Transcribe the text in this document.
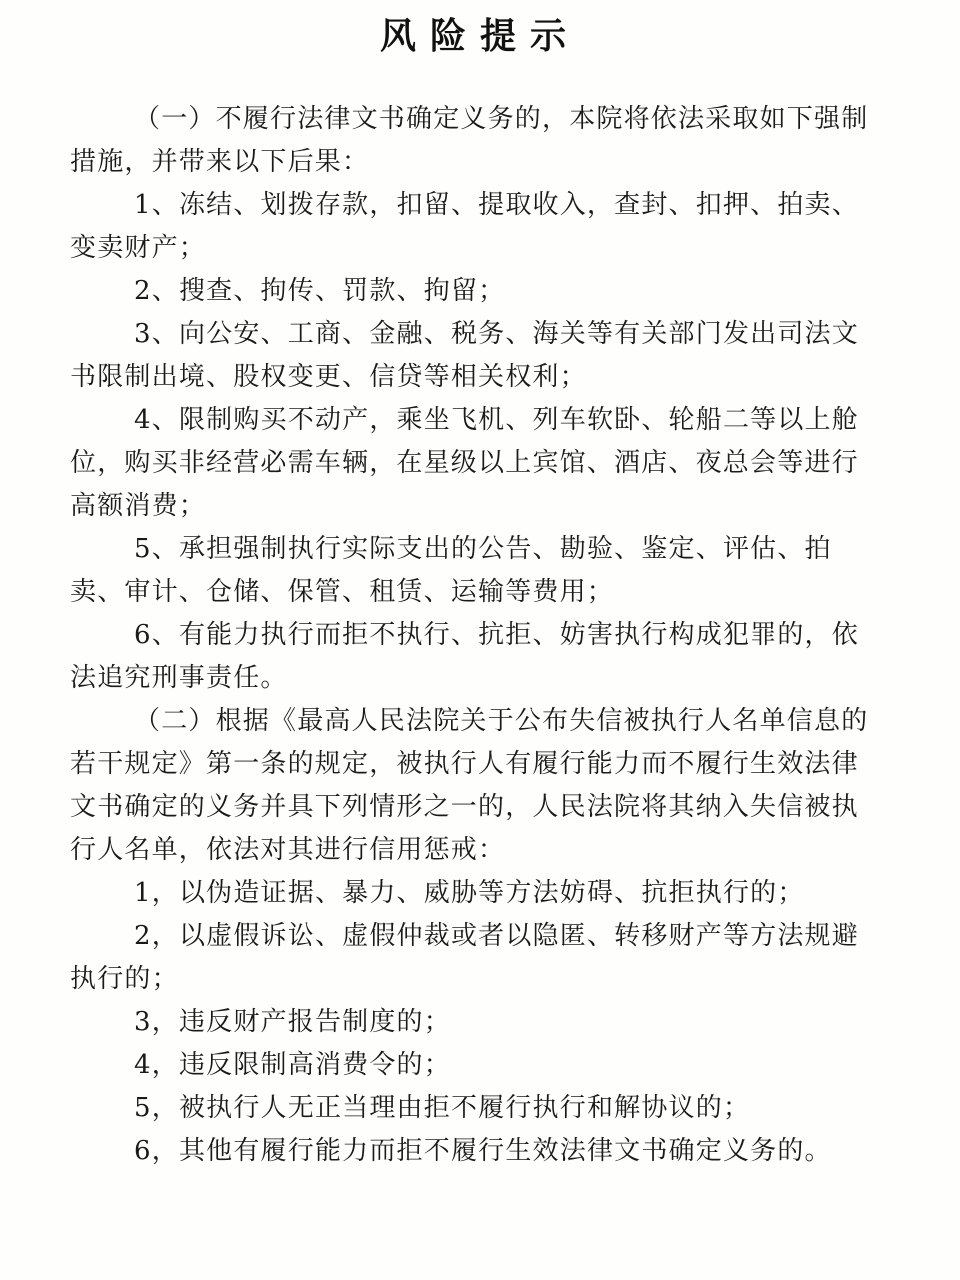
风险提示

（一）不履行法律文书确定义务的，本院将依法采取如下强制措施，并带来以下后果：

1、冻结、划拨存款，扣留、提取收入，查封、扣押、拍卖、变卖财产；

2、搜查、拘传、罚款、拘留；

3、向公安、工商、金融、税务、海关等有关部门发出司法文书限制出境、股权变更、信贷等相关权利；

4、限制购买不动产，乘坐飞机、列车软卧、轮船二等以上舱位，购买非经营必需车辆，在星级以上宾馆、酒店、夜总会等进行高额消费；

5、承担强制执行实际支出的公告、勘验、鉴定、评估、拍卖、审计、仓储、保管、租赁、运输等费用；

6、有能力执行而拒不执行、抗拒、妨害执行构成犯罪的，依法追究刑事责任。

（二）根据《最高人民法院关于公布失信被执行人名单信息的若干规定》第一条的规定，被执行人有履行能力而不履行生效法律文书确定的义务并具下列情形之一的，人民法院将其纳入失信被执行人名单，依法对其进行信用惩戒：

1，以伪造证据、暴力、威胁等方法妨碍、抗拒执行的；

2，以虚假诉讼、虚假仲裁或者以隐匿、转移财产等方法规避执行的；

3，违反财产报告制度的；

4，违反限制高消费令的；

5，被执行人无正当理由拒不履行执行和解协议的；

6，其他有履行能力而拒不履行生效法律文书确定义务的。
